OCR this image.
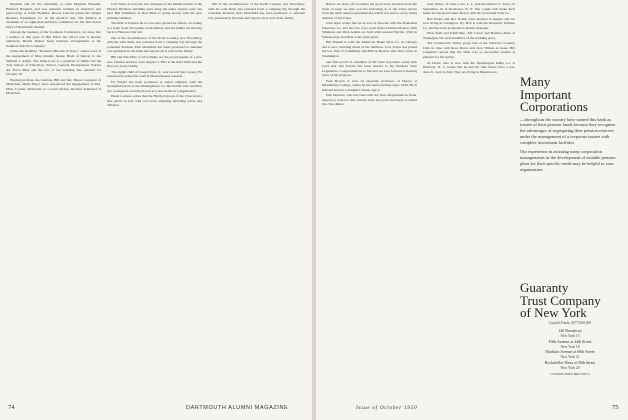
Hopkins and all the internship at John Hopkins Hospital, Hartford Hospital, and was assistant resident in obstetrics and gynecology at Johns Hopkins. Brown Lincoln joined the Wright Brothers Equipment Co. in the medical line. Jim Mottice is chairman of an eight-man publicity committee for the first Seven Days of Dartmouth Alumni.

Among the business of the Southeast Conference, we share that a reunion of this years of Bill Fuller the school year is already underway. Bernie Rohrer hosts business arrangements at the Southern Electric Company.

Under the headline, "Romance Blooms in Trees," comes word of the engagement of Miss Rosalie Jeanne Bradt of Detroit to Joe William J. Ashby. The bride-to-be is a graduate of Smith and the Yale School of Education. Sexton, General Headquarters Yokota Air Force Base and the two of the wedding also planned for October 18.

Harrington Ross, the Lemons, Bill and Jen, Tilson Carpenter of Metuchen, Mack Beyer, have announced the engagement of Mrs. Mary Coulter, Montclair, to a bond adviser, Richard Armstead of Montclair.

Carl Taylor is now the new manager of the Miami branch of the Plastics Division, handling sales along the entire eastern coast. We hear Bill Whitmore of Red Bank is going strong with his new printing business.

The firm of Dobson & Co. has also opened its offices, according to a letter from Sid Gaines. Paul Murray and his family are moving back to Hanover this fall.

Out of the circumference of the North Country, Ace Woodbury, with his wife Ruth, has returned from a camping trip through the Canadian Rockies. Pete Mansfield has been promoted to assistant vice president in the bank and reports all is well in the family.

Bill and Nan Hale of Glen Ridge are the proud parents of a new son, Thomas Andrew, born August 3. This is the third child and the first boy in the family.

The eighth child of Joseph Paul, Jr., was born in New Jersey. Ed Gleason has joined the staff at Massachusetts General.

Ed Wright has been promoted to senior engineer with the Springfield plant of the Westinghouse Co. He and his wife and their two youngsters recently moved to a new home in Longmeadow.

Hank Cozzens writes that the Hartford group of the Class held a fine picnic in July with over forty attending including wives and children.

Out of the circumference of the North Country, Ace Woodbury, with his wife Ruth, has returned from a camping trip through the Canadian Rockies. Pete Mansfield has been promoted to assistant vice president in the bank and reports all is well in the family.

74	DARTMOUTH ALUMNI MAGAZINE

Before we leave off recording the good news received from the Class at large we give you the following as of the Class survey from the tenth reunion questionnaire which was sent to every living member of the Class.

John Dyer writes that he is now in Newark with the Prudential Insurance Co. and has two boys, both future Dartmouth men. Walt Simmons and Dick Adams are both with General Electric, Walt in Schenectady and Dick at the Lynn plant.

Hal Hansen is with the American Brake Shoe Co. in Chicago and is now traveling much of the Midwest. Lew Taylor has joined the law firm of Cummings and Hale in Boston after three years in Washington.

Our first record of a member of the Class in politics comes with word that Jim Forrest has been elected to the Vermont State Legislature. Congratulations to Jim and we look forward to hearing more of his progress.

Fred Bowen is now an associate professor of history at Middlebury College, where he has been teaching since 1946. He is married and has a daughter, Susan, age 3.

Phil Sanborn, who has been with the State Department in Paris, expects to return to this country early next year and hopes to attend the class dinner.

Jean Weber, of Glen Cove, L. I., married Robert C. Tracy on September 16 in Rochester, N. Y. The couple will make their home in Cleveland where Bob is with the Cleveland Trust Co.

Bob Peters and Dot Trebbe were married in August and are now living in Lexington, Ky. Bob is with the Kentucky Utilities Co. and has been promoted to district manager.

Dick Snell and Edith Mac, Jeff Carver and Barbara Allen of Waukegan, III. were members of the wedding party.

The Connecticut Valley group met at the Westover Country Club in June with Ross Morse and Jack Tibbets as hosts. Bill Carpenter reports that the affair was so successful another is planned for the spring.

Al Davis, who is now with the Worthington Pump Co. at Harrison, N. J., writes that he and his wife Marie have a son, Alan Jr., born in July. They are living in Maplewood.

75
Issue of October 1950
Many
Important
Corporations

—throughout the country have named this bank as trustee of their pension funds because they recognize the advantages of segregating their pension reserves under the management of a corporate trustee with complete investment facilities.

Our experience in assisting many corporation managements in the development of suitable pension plans for their specific needs may be helpful to your organization.

Guaranty
Trust Company
of New York

Capital Funds, $377,000,000

140 Broadway

New York 15

Fifth Avenue at 44th Street

New York 18

Madison Avenue at 60th Street

New York 21

Rockefeller Plaza at 50th Street

New York 20

LONDON PARIS BRUSSELS
